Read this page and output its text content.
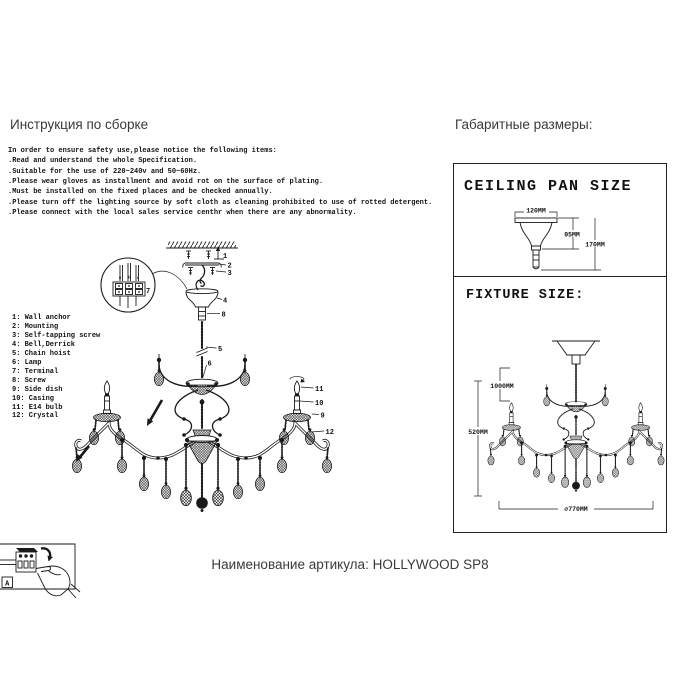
Инструкция по сборке
In order to ensure safety use,please notice the following items:
.Read and understand the whole Specification.
.Suitable for the use of 220~240v and 50~60Hz.
.Please wear gloves as installment and avoid rot on the surface of plating.
.Must be installed on the fixed places and be checked annually.
.Please turn off the lighting source by soft cloth as cleaning prohibited to use of rotted detergent.
.Please connect with the local sales service centhr when there are any abnormality.
1: Wall anchor
2: Mounting
3: Self-tapping screw
4: Bell,Derrick
5: Chain hoist
6: Lamp
7: Terminal
8: Screw
9: Side dish
10: Casing
11: E14 bulb
12: Crystal
1
2
3
4
8
5
6
N ⏚ L
7
11
10
9
12
Габаритные размеры:
CEILING PAN SIZE
120MM
95MM
170MM
FIXTURE SIZE:
1000MM
520MM
⌀770MM
A
Наименование артикула: HOLLYWOOD SP8
